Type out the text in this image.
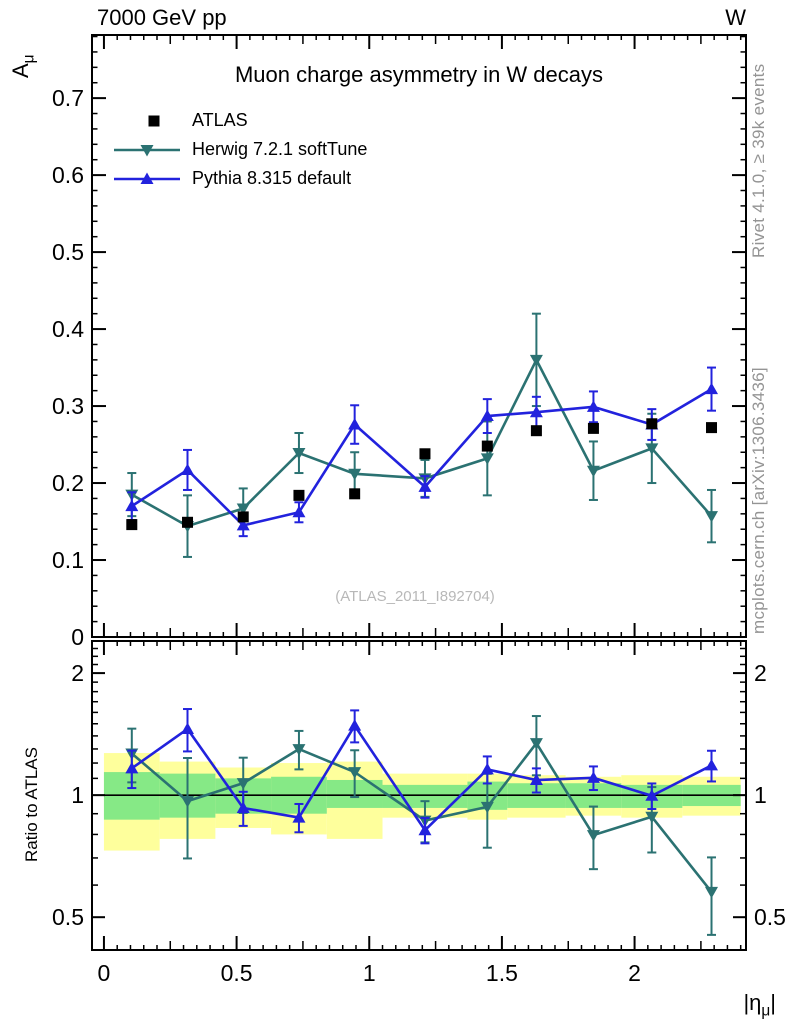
0
0.1
0.2
0.3
0.4
0.5
0.6
0.7
0	0.5	1	1.5	2
2	2
1	1
0.5	0.5
7000 GeV pp	W
Muon charge asymmetry in W decays
$A_\mu$
ATLAS
Herwig 7.2.1 softTune
Pythia 8.315 default
(ATLAS_2011_I892704)
Rivet 4.1.0, ≥ 39k events
mcplots.cern.ch [arXiv:1306.3436]
Ratio to ATLAS
$|\eta_\mu|$
